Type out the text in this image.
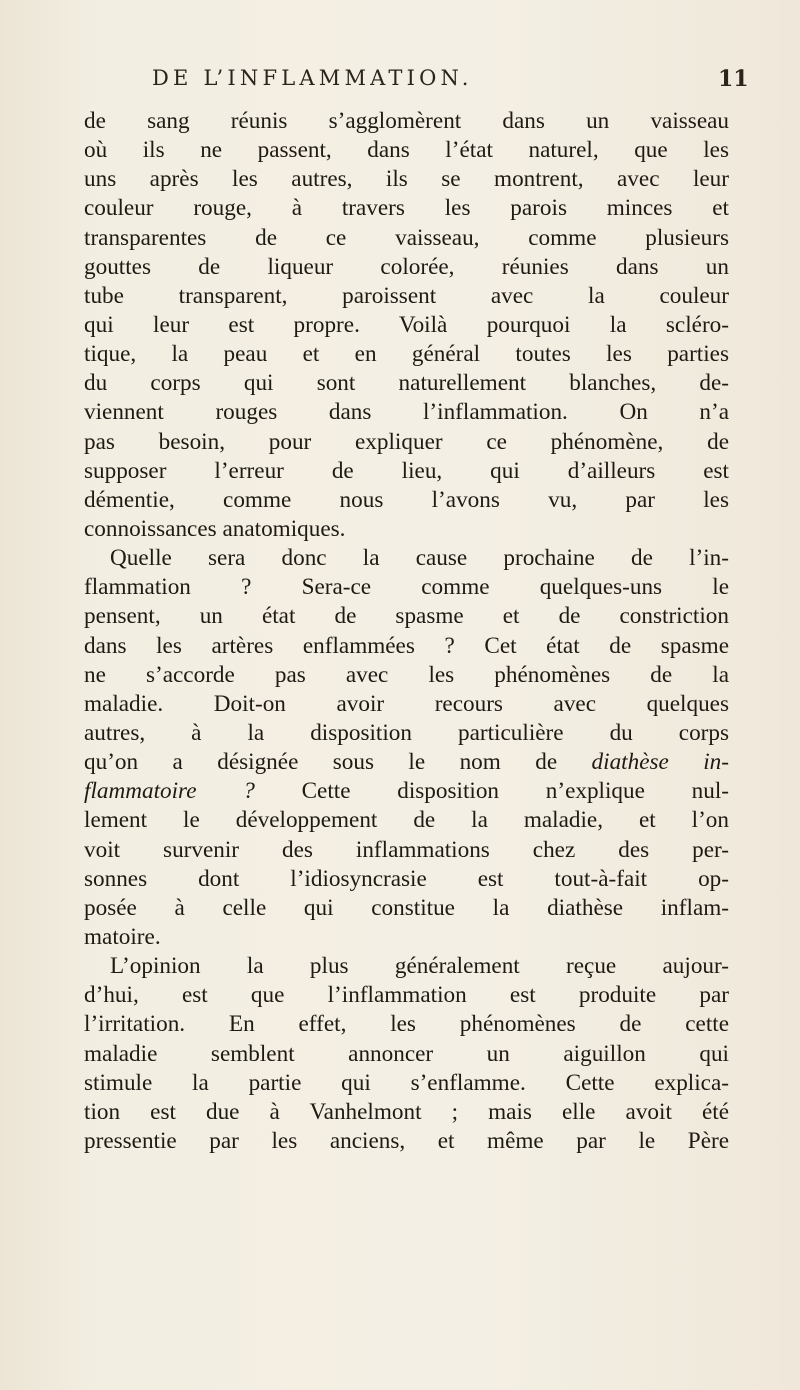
DE L’INFLAMMATION.	11
de sang réunis s’agglomèrent dans un vaisseau
où ils ne passent, dans l’état naturel, que les
uns après les autres, ils se montrent, avec leur
couleur rouge, à travers les parois minces et
transparentes de ce vaisseau, comme plusieurs
gouttes de liqueur colorée, réunies dans un
tube transparent, paroissent avec la couleur
qui leur est propre. Voilà pourquoi la scléro-
tique, la peau et en général toutes les parties
du corps qui sont naturellement blanches, de-
viennent rouges dans l’inflammation. On n’a
pas besoin, pour expliquer ce phénomène, de
supposer l’erreur de lieu, qui d’ailleurs est
démentie, comme nous l’avons vu, par les
connoissances anatomiques.
Quelle sera donc la cause prochaine de l’in-
flammation ? Sera-ce comme quelques-uns le
pensent, un état de spasme et de constriction
dans les artères enflammées ? Cet état de spasme
ne s’accorde pas avec les phénomènes de la
maladie. Doit-on avoir recours avec quelques
autres, à la disposition particulière du corps
qu’on a désignée sous le nom de diathèse in-
flammatoire ? Cette disposition n’explique nul-
lement le développement de la maladie, et l’on
voit survenir des inflammations chez des per-
sonnes dont l’idiosyncrasie est tout-à-fait op-
posée à celle qui constitue la diathèse inflam-
matoire.
L’opinion la plus généralement reçue aujour-
d’hui, est que l’inflammation est produite par
l’irritation. En effet, les phénomènes de cette
maladie semblent annoncer un aiguillon qui
stimule la partie qui s’enflamme. Cette explica-
tion est due à Vanhelmont ; mais elle avoit été
pressentie par les anciens, et même par le Père
